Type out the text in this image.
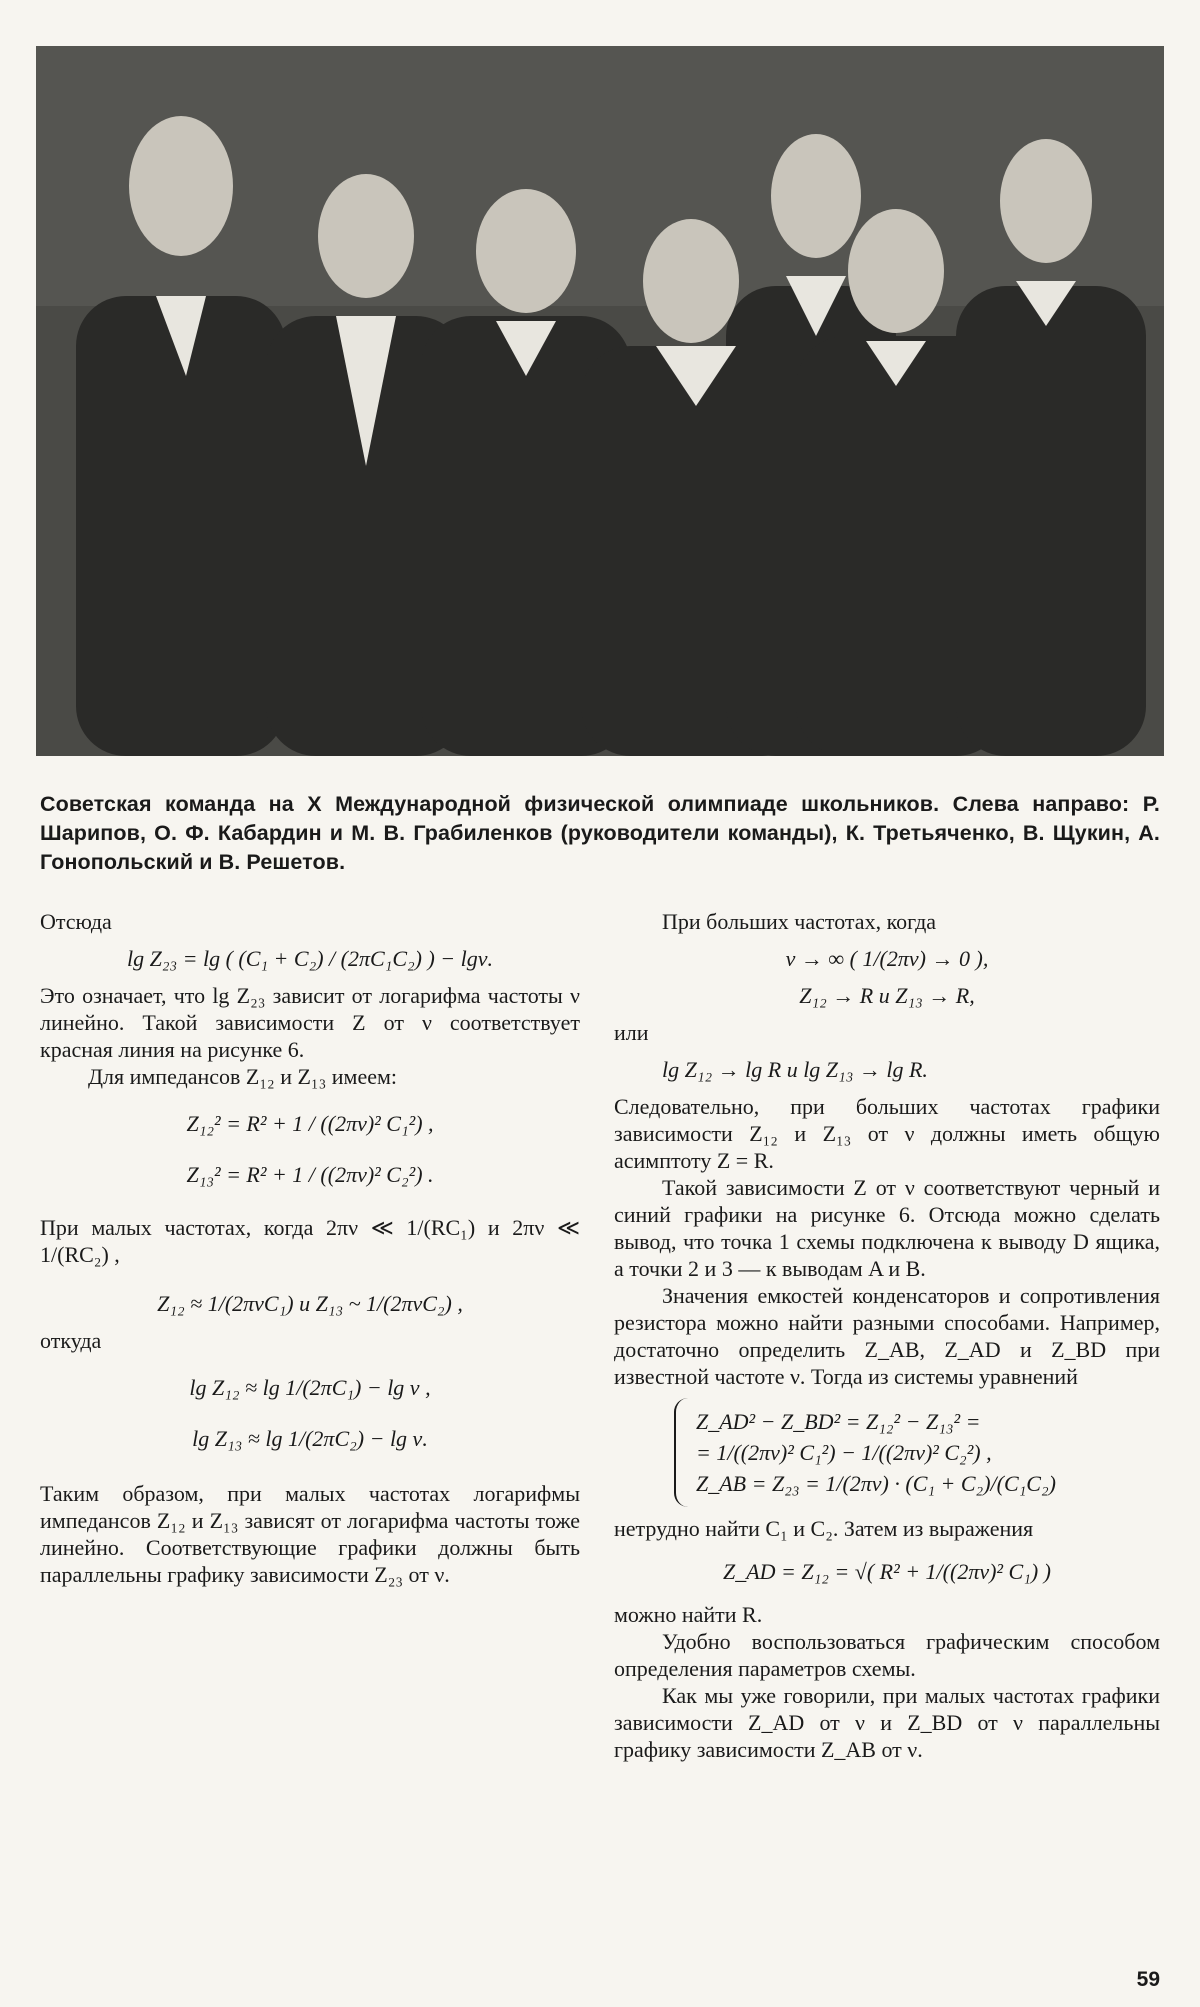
Советская команда на X Международной физической олимпиаде школьников. Слева направо: Р. Шарипов, О. Ф. Кабардин и М. В. Грабиленков (руководители команды), К. Третьяченко, В. Щукин, А. Гонопольский и В. Решетов.

Отсюда

lg Z₂₃ = lg ( (C₁ + C₂) / (2πC₁C₂) ) − lgν.

Это означает, что lg Z₂₃ зависит от логарифма частоты ν линейно. Такой зависимости Z от ν соответствует красная линия на рисунке 6.

Для импедансов Z₁₂ и Z₁₃ имеем:

Z₁₂² = R² + 1 / ((2πν)² C₁²) ,
Z₁₃² = R² + 1 / ((2πν)² C₂²) .

При малых частотах, когда 2πν ≪ 1/(RC₁) и 2πν ≪ 1/(RC₂) ,

Z₁₂ ≈ 1/(2πνC₁) и Z₁₃ ~ 1/(2πνC₂) ,

откуда

lg Z₁₂ ≈ lg 1/(2πC₁) − lg ν ,
lg Z₁₃ ≈ lg 1/(2πC₂) − lg ν.

Таким образом, при малых частотах логарифмы импедансов Z₁₂ и Z₁₃ зависят от логарифма частоты тоже линейно. Соответствующие графики должны быть параллельны графику зависимости Z₂₃ от ν.

При больших частотах, когда

ν → ∞ ( 1/(2πν) → 0 ),
Z₁₂ → R и Z₁₃ → R,

или

lg Z₁₂ → lg R и lg Z₁₃ → lg R.

Следовательно, при больших частотах графики зависимости Z₁₂ и Z₁₃ от ν должны иметь общую асимптоту Z = R.

Такой зависимости Z от ν соответствуют черный и синий графики на рисунке 6. Отсюда можно сделать вывод, что точка 1 схемы подключена к выводу D ящика, а точки 2 и 3 — к выводам A и B.

Значения емкостей конденсаторов и сопротивления резистора можно найти разными способами. Например, достаточно определить Z_AB, Z_AD и Z_BD при известной частоте ν. Тогда из системы уравнений

Z_AD² − Z_BD² = Z₁₂² − Z₁₃² =
= 1/((2πν)² C₁²) − 1/((2πν)² C₂²) ,
Z_AB = Z₂₃ = 1/(2πν) · (C₁ + C₂)/(C₁C₂)

нетрудно найти C₁ и C₂. Затем из выражения

Z_AD = Z₁₂ = √( R² + 1/((2πν)² C₁) )

можно найти R.

Удобно воспользоваться графическим способом определения параметров схемы.

Как мы уже говорили, при малых частотах графики зависимости Z_AD от ν и Z_BD от ν параллельны графику зависимости Z_AB от ν.

59
